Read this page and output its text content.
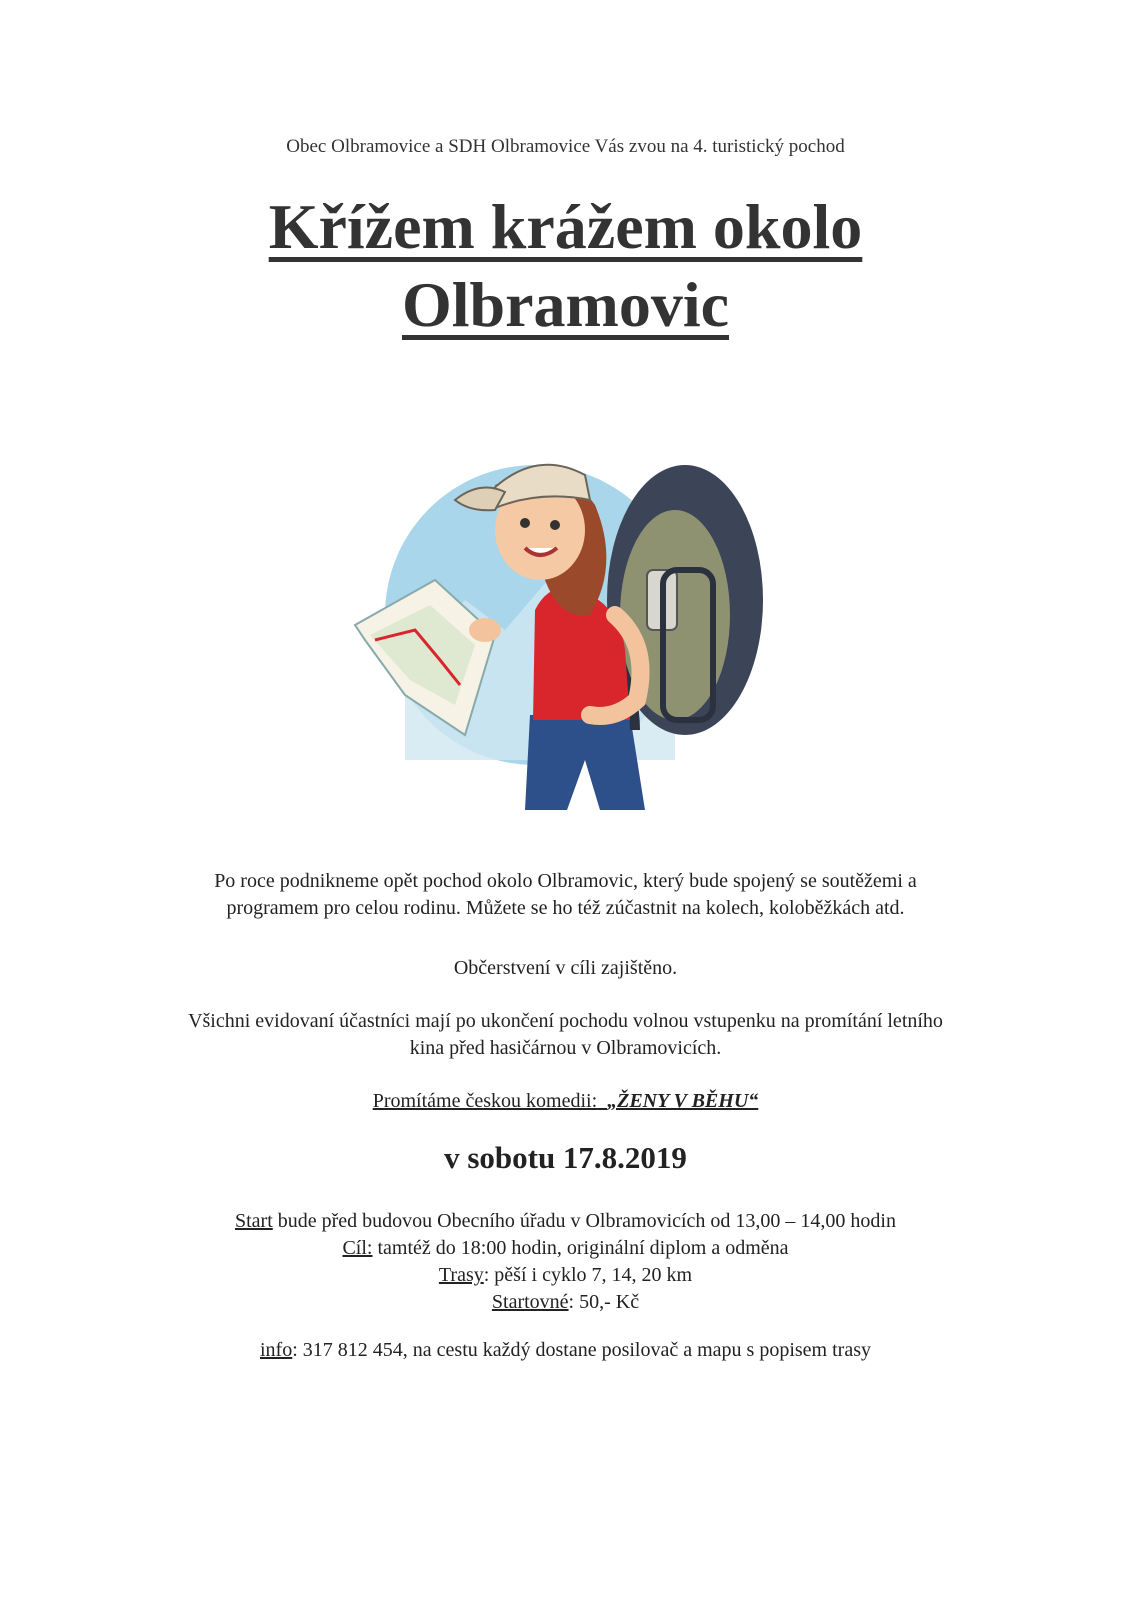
Obec Olbramovice a SDH Olbramovice Vás zvou na 4. turistický pochod
Křížem krážem okolo
Olbramovic
Po roce podnikneme opět pochod okolo Olbramovic, který bude spojený se soutěžemi a
programem pro celou rodinu. Můžete se ho též zúčastnit na kolech, koloběžkách atd.
Občerstvení v cíli zajištěno.
Všichni evidovaní účastníci mají po ukončení pochodu volnou vstupenku na promítání letního
kina před hasičárnou v Olbramovicích.
Promítáme českou komedii: „ŽENY V BĚHU“
v sobotu 17.8.2019
Start bude před budovou Obecního úřadu v Olbramovicích od 13,00 – 14,00 hodin
Cíl: tamtéž do 18:00 hodin, originální diplom a odměna
Trasy: pěší i cyklo 7, 14, 20 km
Startovné: 50,- Kč
info: 317 812 454, na cestu každý dostane posilovač a mapu s popisem trasy
